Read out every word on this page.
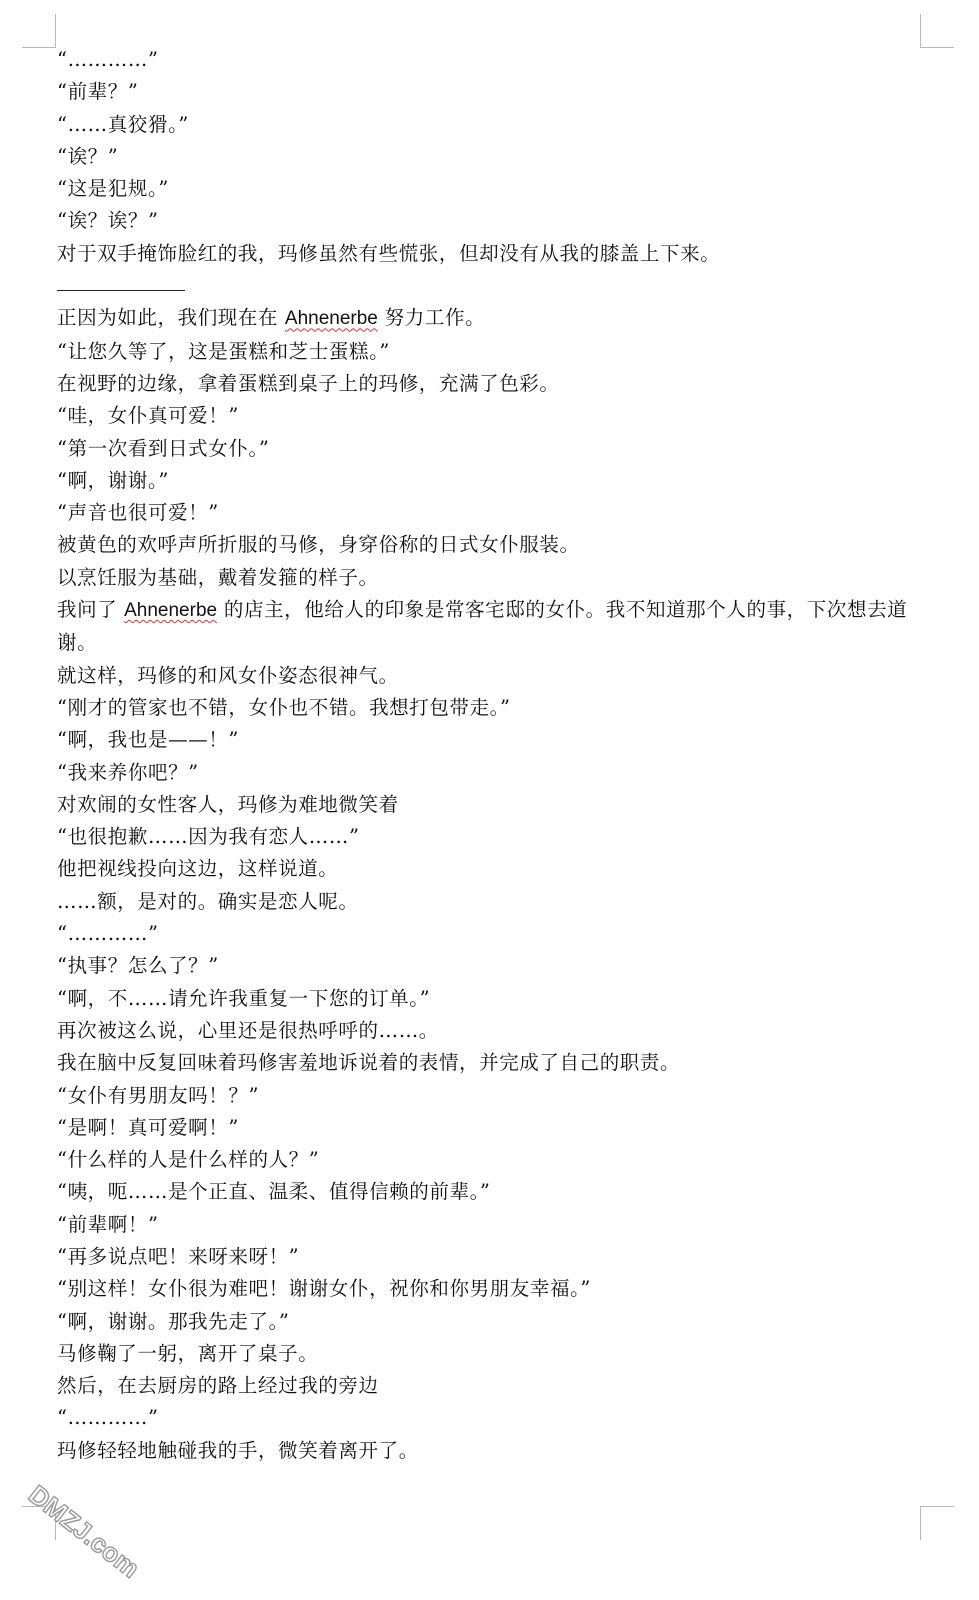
“…………”
“前辈？”
“……真狡猾。”
“诶？”
“这是犯规。”
“诶？诶？”
对于双手掩饰脸红的我，玛修虽然有些慌张，但却没有从我的膝盖上下来。
正因为如此，我们现在在 Ahnenerbe 努力工作。
“让您久等了，这是蛋糕和芝士蛋糕。”
在视野的边缘，拿着蛋糕到桌子上的玛修，充满了色彩。
“哇，女仆真可爱！”
“第一次看到日式女仆。”
“啊，谢谢。”
“声音也很可爱！”
被黄色的欢呼声所折服的马修，身穿俗称的日式女仆服装。
以烹饪服为基础，戴着发箍的样子。
我问了 Ahnenerbe 的店主，他给人的印象是常客宅邸的女仆。我不知道那个人的事，下次想去道谢。
就这样，玛修的和风女仆姿态很神气。
“刚才的管家也不错，女仆也不错。我想打包带走。”
“啊，我也是——！”
“我来养你吧？”
对欢闹的女性客人，玛修为难地微笑着
“也很抱歉……因为我有恋人……”
他把视线投向这边，这样说道。
……额，是对的。确实是恋人呢。
“…………”
“执事？怎么了？”
“啊，不……请允许我重复一下您的订单。”
再次被这么说，心里还是很热呼呼的……。
我在脑中反复回味着玛修害羞地诉说着的表情，并完成了自己的职责。
“女仆有男朋友吗！？”
“是啊！真可爱啊！”
“什么样的人是什么样的人？”
“咦，呃……是个正直、温柔、值得信赖的前辈。”
“前辈啊！”
“再多说点吧！来呀来呀！”
“别这样！女仆很为难吧！谢谢女仆，祝你和你男朋友幸福。”
“啊，谢谢。那我先走了。”
马修鞠了一躬，离开了桌子。
然后，在去厨房的路上经过我的旁边
“…………”
玛修轻轻地触碰我的手，微笑着离开了。
DMZJ.com
